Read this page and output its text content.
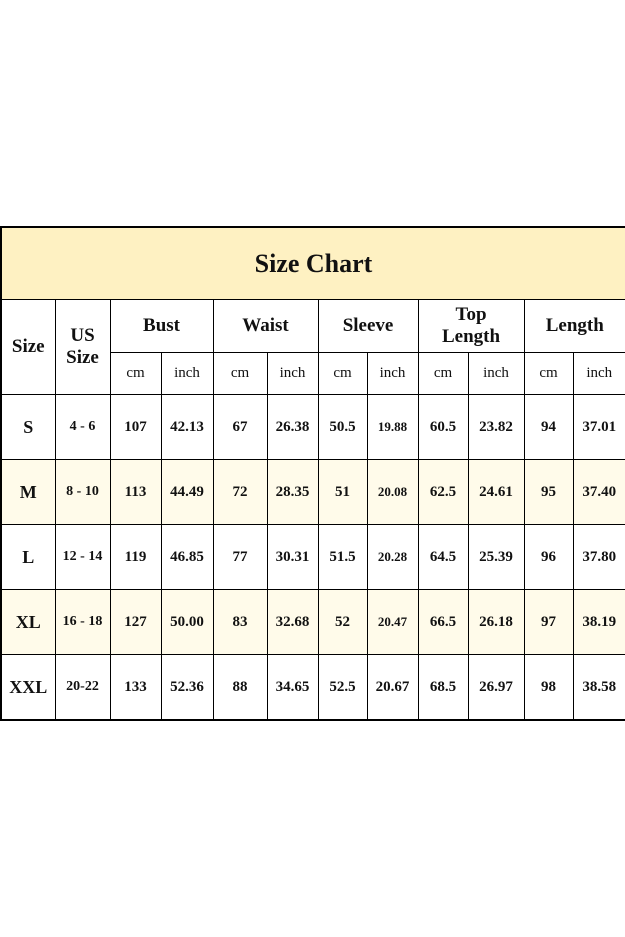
Size Chart
Size	US Size	Bust		Waist		Sleeve		Top Length		Length	
		cm	inch	cm	inch	cm	inch	cm	inch	cm	inch
S	4 - 6	107	42.13	67	26.38	50.5	19.88	60.5	23.82	94	37.01
M	8 - 10	113	44.49	72	28.35	51	20.08	62.5	24.61	95	37.40
L	12 - 14	119	46.85	77	30.31	51.5	20.28	64.5	25.39	96	37.80
XL	16 - 18	127	50.00	83	32.68	52	20.47	66.5	26.18	97	38.19
XXL	20-22	133	52.36	88	34.65	52.5	20.67	68.5	26.97	98	38.58
